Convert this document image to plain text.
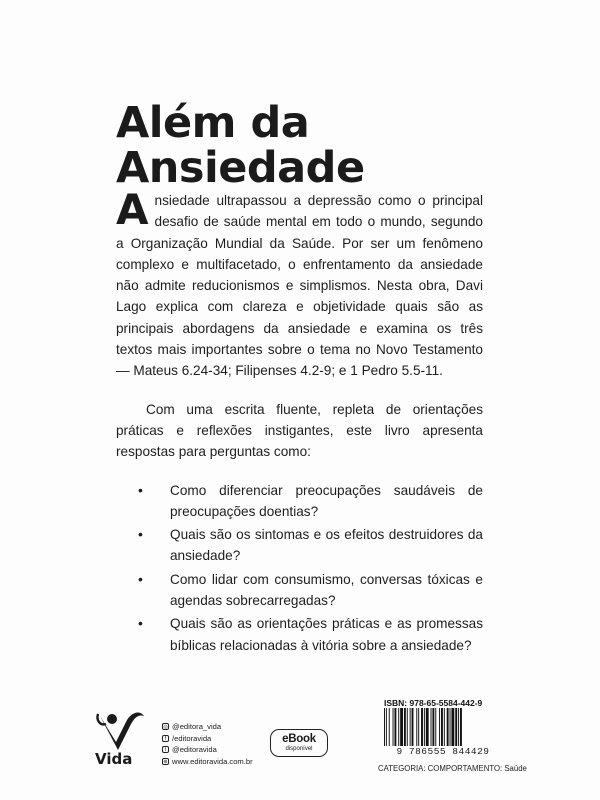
Além da
Ansiedade

Ansiedade ultrapassou a depressão como o principal desafio de saúde mental em todo o mundo, segundo a Organização Mundial da Saúde. Por ser um fenômeno complexo e multifacetado, o enfrentamento da ansiedade não admite reducionismos e simplismos. Nesta obra, Davi Lago explica com clareza e objetividade quais são as principais abordagens da ansiedade e examina os três textos mais importantes sobre o tema no Novo Testamento — Mateus 6.24-34; Filipenses 4.2-9; e 1 Pedro 5.5-11.

Com uma escrita fluente, repleta de orientações práticas e reflexões instigantes, este livro apresenta respostas para perguntas como:

• Como diferenciar preocupações saudáveis de preocupações doentias?
• Quais são os sintomas e os efeitos destruidores da ansiedade?
• Como lidar com consumismo, conversas tóxicas e agendas sobrecarregadas?
• Quais são as orientações práticas e as promessas bíblicas relacionadas à vitória sobre a ansiedade?
Vida
◎ @editora_vida
f /editoravida
t @editoravida
⊕ www.editoravida.com.br
eBook
disponível
ISBN: 978-65-5584-442-9
9 786555 844429
CATEGORIA: COMPORTAMENTO: Saúde
